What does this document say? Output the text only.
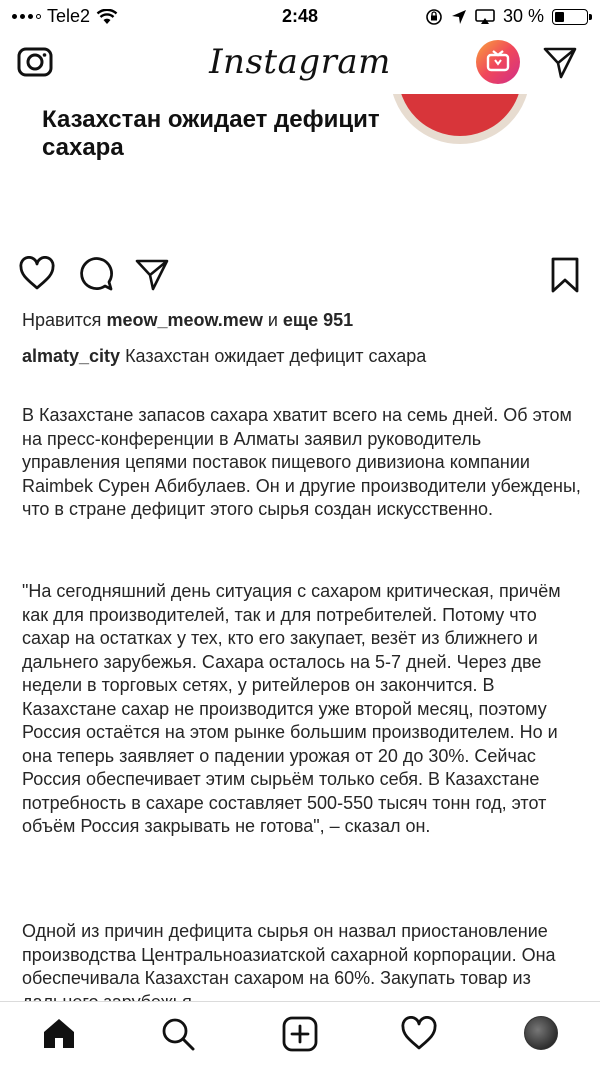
Tele2	2:48	30 %
Instagram
Казахстан ожидает дефицит сахара
Нравится meow_meow.mew и еще 951
almaty_city Казахстан ожидает дефицит сахара
В Казахстане запасов сахара хватит всего на семь дней. Об этом на пресс-конференции в Алматы заявил руководитель управления цепями поставок пищевого дивизиона компании Raimbek Сурен Абибулаев. Он и другие производители убеждены, что в стране дефицит этого сырья создан искусственно.
"На сегодняшний день ситуация с сахаром критическая, причём как для производителей, так и для потребителей. Потому что сахар на остатках у тех, кто его закупает, везёт из ближнего и дальнего зарубежья. Сахара осталось на 5-7 дней. Через две недели в торговых сетях, у ритейлеров он закончится. В Казахстане сахар не производится уже второй месяц, поэтому Россия остаётся на этом рынке большим производителем. Но и она теперь заявляет о падении урожая от 20 до 30%. Сейчас Россия обеспечивает этим сырьём только себя. В Казахстане потребность в сахаре составляет 500-550 тысяч тонн год, этот объём Россия закрывать не готова", – сказал он.
Одной из причин дефицита сырья он назвал приостановление производства Центральноазиатской сахарной корпорации. Она обеспечивала Казахстан сахаром на 60%. Закупать товар из
